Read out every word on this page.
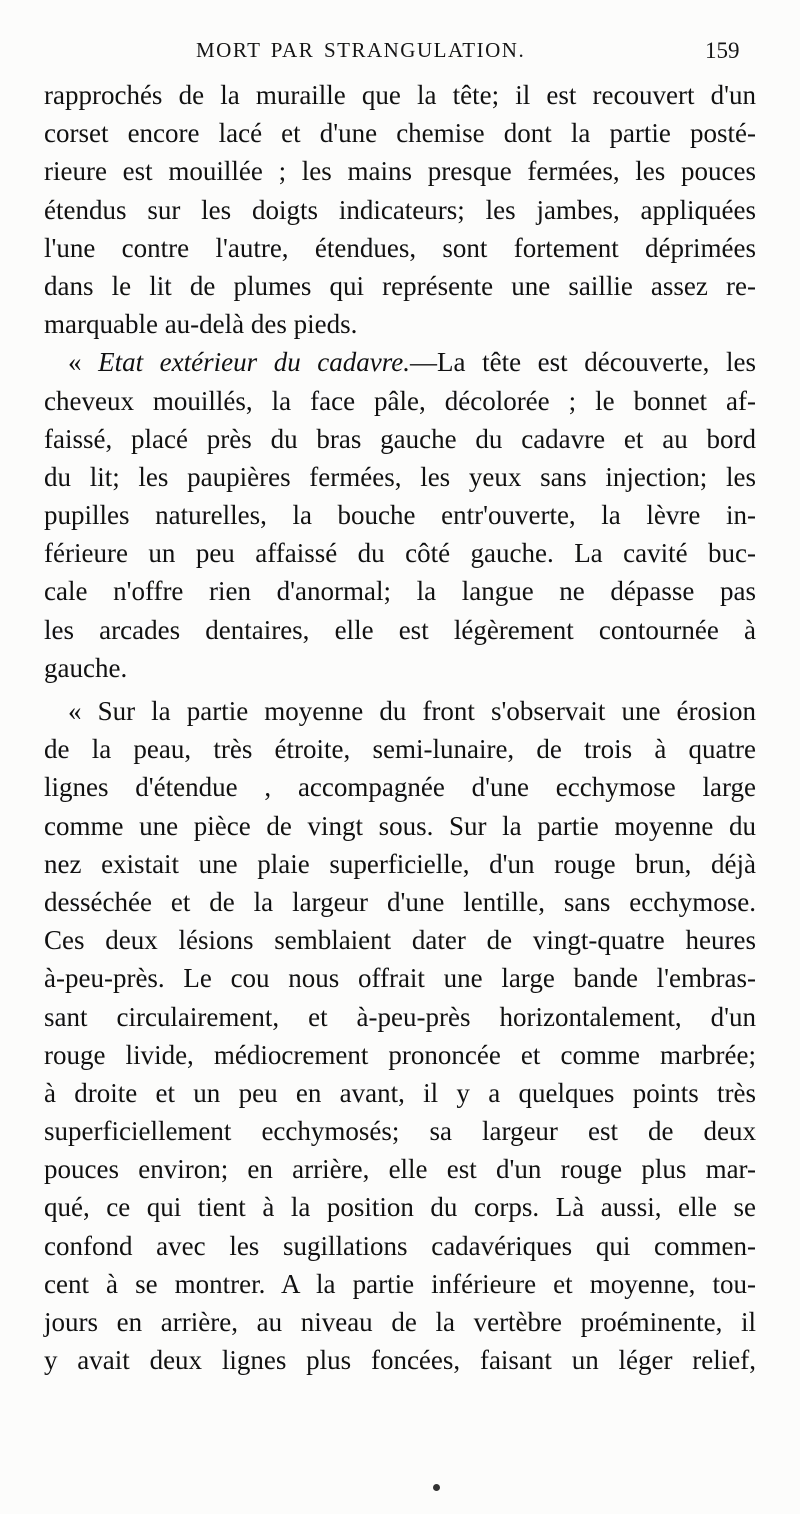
MORT PAR STRANGULATION.	159
rapprochés de la muraille que la tête; il est recouvert d'un
corset encore lacé et d'une chemise dont la partie posté-
rieure est mouillée ; les mains presque fermées, les pouces
étendus sur les doigts indicateurs; les jambes, appliquées
l'une contre l'autre, étendues, sont fortement déprimées
dans le lit de plumes qui représente une saillie assez re-
marquable au-delà des pieds.
« Etat extérieur du cadavre.—La tête est découverte, les
cheveux mouillés, la face pâle, décolorée ; le bonnet af-
faissé, placé près du bras gauche du cadavre et au bord
du lit; les paupières fermées, les yeux sans injection; les
pupilles naturelles, la bouche entr'ouverte, la lèvre in-
férieure un peu affaissé du côté gauche. La cavité buc-
cale n'offre rien d'anormal; la langue ne dépasse pas
les arcades dentaires, elle est légèrement contournée à
gauche.
« Sur la partie moyenne du front s'observait une érosion
de la peau, très étroite, semi-lunaire, de trois à quatre
lignes d'étendue , accompagnée d'une ecchymose large
comme une pièce de vingt sous. Sur la partie moyenne du
nez existait une plaie superficielle, d'un rouge brun, déjà
desséchée et de la largeur d'une lentille, sans ecchymose.
Ces deux lésions semblaient dater de vingt-quatre heures
à-peu-près. Le cou nous offrait une large bande l'embras-
sant circulairement, et à-peu-près horizontalement, d'un
rouge livide, médiocrement prononcée et comme marbrée;
à droite et un peu en avant, il y a quelques points très
superficiellement ecchymosés; sa largeur est de deux
pouces environ; en arrière, elle est d'un rouge plus mar-
qué, ce qui tient à la position du corps. Là aussi, elle se
confond avec les sugillations cadavériques qui commen-
cent à se montrer. A la partie inférieure et moyenne, tou-
jours en arrière, au niveau de la vertèbre proéminente, il
y avait deux lignes plus foncées, faisant un léger relief,
